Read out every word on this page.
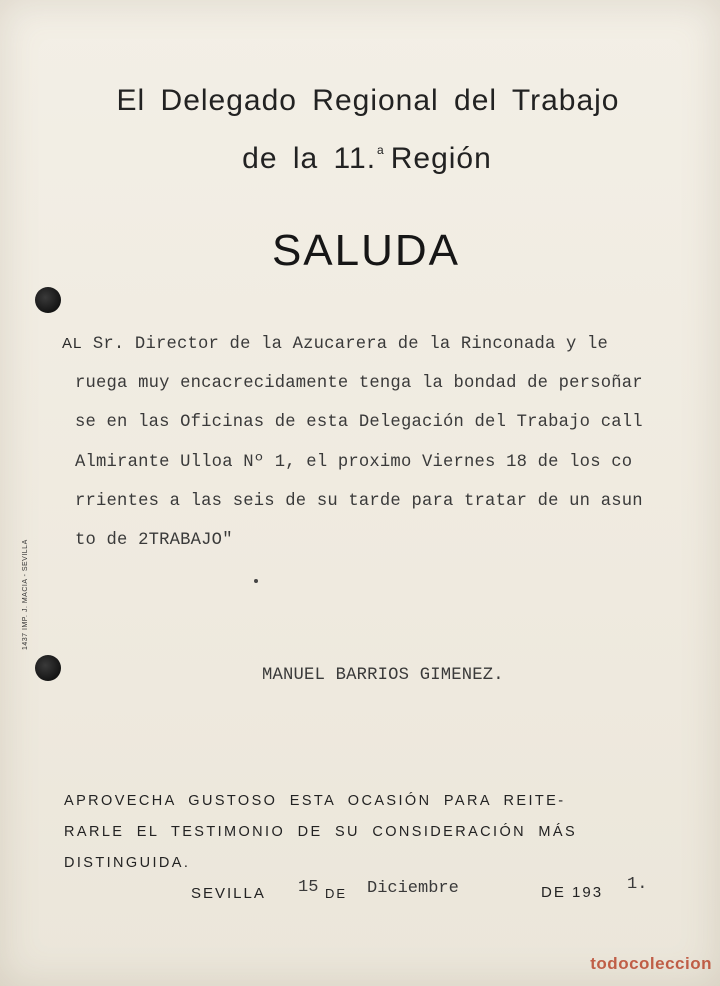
El Delegado Regional del Trabajo
de la 11.$^a$ Región
SALUDA
AL Sr. Director de la Azucarera de la Rinconada y le
ruega muy encacrecidamente tenga la bondad de persoñar
se en las Oficinas de esta Delegación del Trabajo call
Almirante Ulloa Nº 1, el proximo Viernes 18 de los co
rrientes a las seis de su tarde para tratar de un asun
to de 2TRABAJO"
MANUEL BARRIOS GIMENEZ.
1437 IMP. J. MACIA - SEVILLA
APROVECHA GUSTOSO ESTA OCASIÓN PARA REITE-
RARLE EL TESTIMONIO DE SU CONSIDERACIÓN MÁS
DISTINGUIDA.
SEVILLA 15 DE Diciembre	DE 193 1.
todocoleccion
